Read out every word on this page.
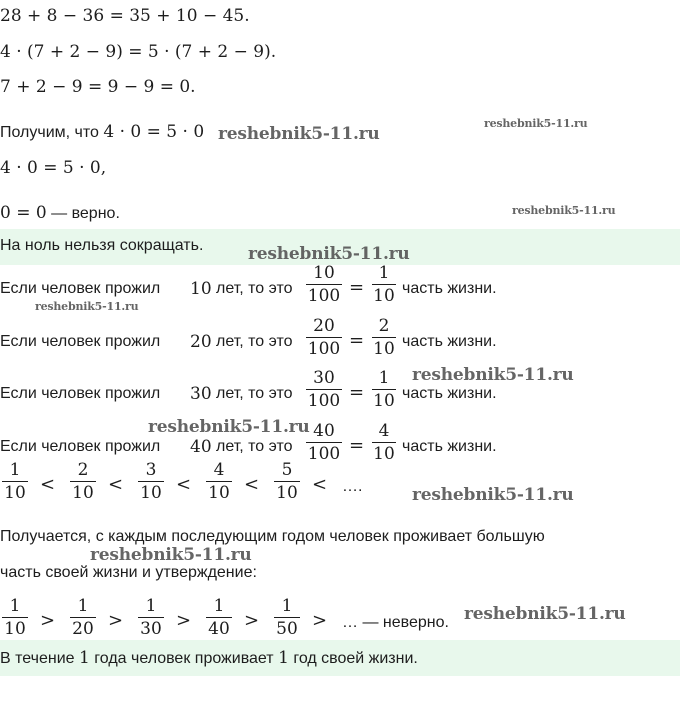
28 + 8 − 36 = 35 + 10 − 45.
4 · (7 + 2 − 9) = 5 · (7 + 2 − 9).
7 + 2 − 9 = 9 − 9 = 0.
Получим, что 4 · 0 = 5 · 0
4 · 0 = 5 · 0,
0 = 0 — верно.
На ноль нельзя сокращать.
Если человек прожил 10 лет, то это
10
100 =
1
10 часть жизни.
Если человек прожил 20 лет, то это
20
100 =
2
10 часть жизни.
Если человек прожил 30 лет, то это
30
100 =
1
10 часть жизни.
Если человек прожил 40 лет, то это
40
100 =
4
10 часть жизни.
1
10 <
2
10 <
3
10 <
4
10 <
5
10 < ….
Получается, с каждым последующим годом человек проживает большую
часть своей жизни и утверждение:
1
10 >
1
20 >
1
30 >
1
40 >
1
50 > … — неверно.
В течение 1 года человек проживает 1 год своей жизни.
reshebnik5-11.ru
reshebnik5-11.ru
reshebnik5-11.ru
reshebnik5-11.ru
reshebnik5-11.ru
reshebnik5-11.ru
reshebnik5-11.ru
reshebnik5-11.ru
reshebnik5-11.ru
reshebnik5-11.ru
